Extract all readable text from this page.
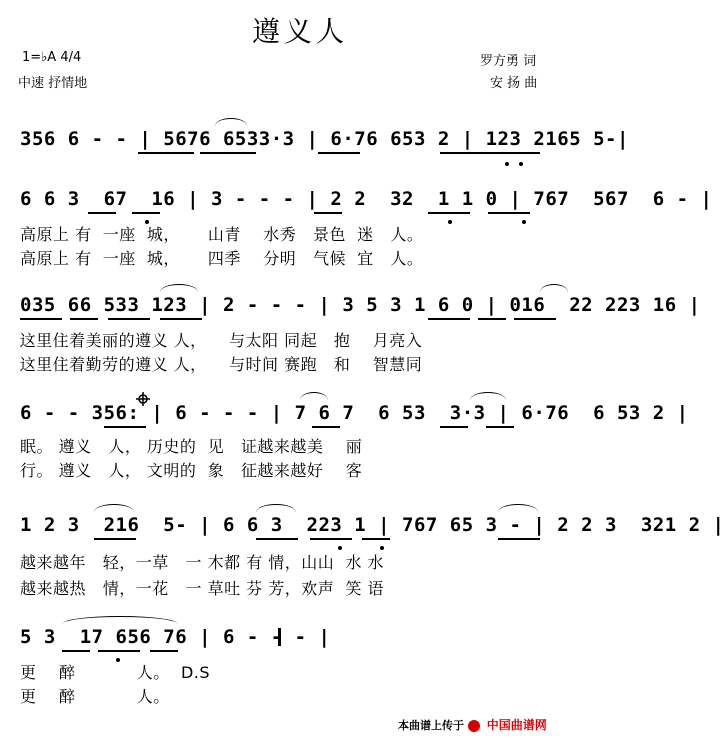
遵义人
1=♭A 4/4
中速 抒情地
罗方勇 词
安 扬 曲
356 6 - - | 5676 6533·3 | 6·76 653 2 | 123 2165 5-|
6 6 3  67  16 | 3 - - - | 2 2  32  1 1 0 | 767  567  6 - |
高原上 有  一座  城，     山青    水秀   景色  迷   人。
高原上 有  一座  城，     四季    分明   气候  宜   人。
035 66 533 123 | 2 - - - | 3 5 3 1 6 0 | 016  22 223 16 |
这里住着美丽的遵义 人，    与太阳 同起   抱    月亮入
这里住着勤劳的遵义 人，    与时间 赛跑   和    智慧同
6 - - 356: | 6 - - - | 7 6 7  6 53  3·3 | 6·76  6 53 2 |
眠。 遵义   人， 历史的  见   证越来越美    丽
行。 遵义   人， 文明的  象   征越来越好    客
1 2 3  216  5- | 6 6 3  223 1 | 767 65 3 - | 2 2 3  321 2 |
越来越年   轻，一草   一 木都 有 情，山山  水 水
越来越热   情，一花   一 草吐 芬 芳，欢声  笑 语
5 3  17 656 76 | 6 - - - |
更    醉           人。  D.S
更    醉           人。
本曲谱上传于 中国曲谱网
